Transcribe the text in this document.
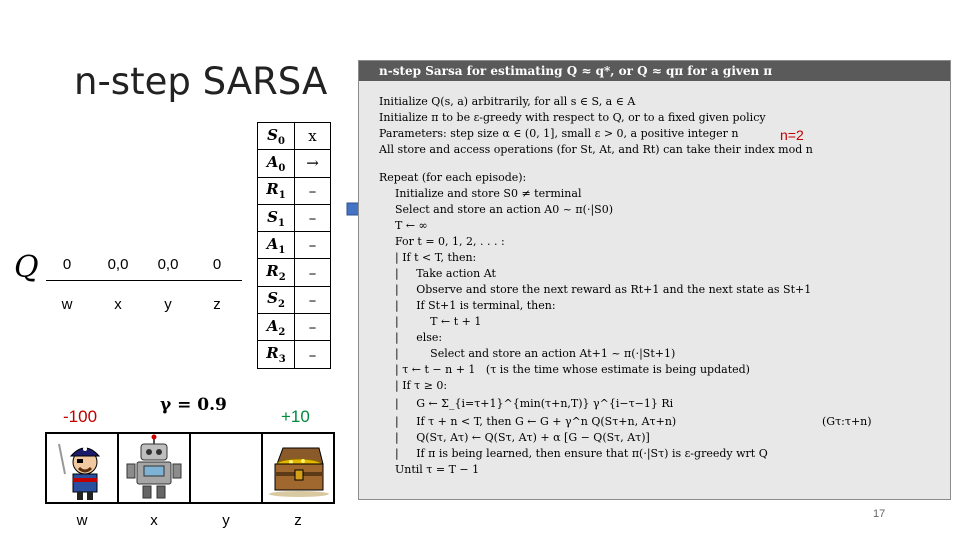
n-step SARSA
Q	0	0,0	0,0	0
w	x	y	z
$S_0$	x
$A_0$	→
$R_1$	–
$S_1$	–
$A_1$	–
$R_2$	–
$S_2$	–
$A_2$	–
$R_3$	–
γ = 0.9
-100	+10
w	x	y	z
n-step Sarsa for estimating Q ≈ q*, or Q ≈ qπ for a given π
Initialize Q(s, a) arbitrarily, for all s ∈ S, a ∈ A
Initialize π to be ε-greedy with respect to Q, or to a fixed given policy
Parameters: step size α ∈ (0, 1], small ε > 0, a positive integer n
All store and access operations (for St, At, and Rt) can take their index mod n
Repeat (for each episode):
Initialize and store S0 ≠ terminal
Select and store an action A0 ~ π(·|S0)
T ← ∞
For t = 0, 1, 2, . . . :
| If t < T, then:
|     Take action At
|     Observe and store the next reward as Rt+1 and the next state as St+1
|     If St+1 is terminal, then:
|         T ← t + 1
|     else:
|         Select and store an action At+1 ~ π(·|St+1)
| τ ← t − n + 1   (τ is the time whose estimate is being updated)
| If τ ≥ 0:
|     G ← Σ_{i=τ+1}^{min(τ+n,T)} γ^{i−τ−1} Ri
|     If τ + n < T, then G ← G + γ^n Q(Sτ+n, Aτ+n)	(Gτ:τ+n)
|     Q(Sτ, Aτ) ← Q(Sτ, Aτ) + α [G − Q(Sτ, Aτ)]
|     If π is being learned, then ensure that π(·|Sτ) is ε-greedy wrt Q
Until τ = T − 1
n=2
17
